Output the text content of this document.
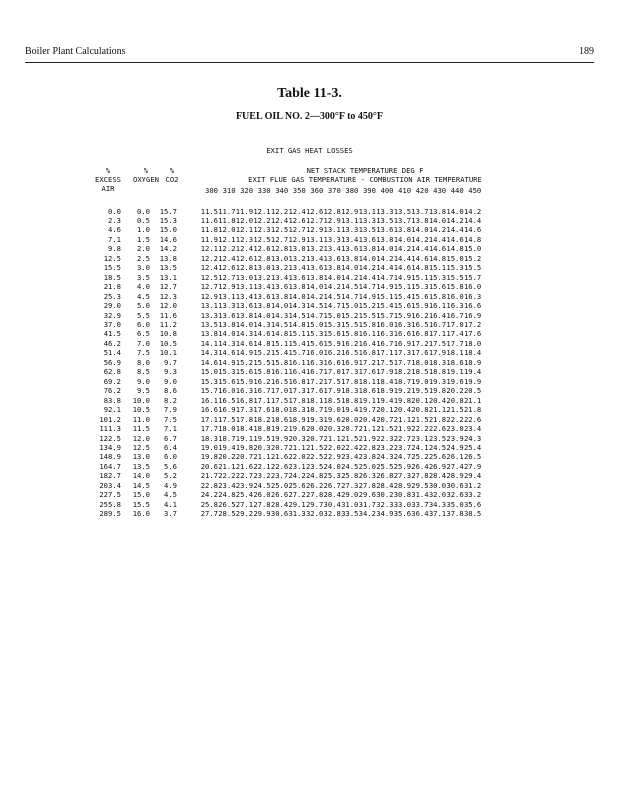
Boiler Plant Calculations	189
Table 11-3.
FUEL OIL NO. 2—300°F to 450°F
EXIT GAS HEAT LOSSES
%
EXCESS
AIR
%
OXYGEN
%
CO2
NET STACK TEMPERATURE DEG F
EXIT FLUE GAS TEMPERATURE - COMBUSTION AIR TEMPERATURE
300 310 320 330 340 350 360 370 380 390 400 410 420 430 440 450
0.0	0.0	15.7	11.5 11.7 11.9 12.1 12.2 12.4 12.6 12.8 12.9 13.1 13.3 13.5 13.7 13.8 14.0 14.2
2.3	0.5	15.3	11.6 11.8 12.0 12.2 12.4 12.6 12.7 12.9 13.1 13.3 13.5 13.7 13.8 14.0 14.2 14.4
4.6	1.0	15.0	11.8 12.0 12.1 12.3 12.5 12.7 12.9 13.1 13.3 13.5 13.6 13.8 14.0 14.2 14.4 14.6
7.1	1.5	14.6	11.9 12.1 12.3 12.5 12.7 12.9 13.1 13.3 13.4 13.6 13.8 14.0 14.2 14.4 14.6 14.8
9.8	2.0	14.2	12.1 12.2 12.4 12.6 12.8 13.0 13.2 13.4 13.6 13.8 14.0 14.2 14.4 14.6 14.8 15.0
12.5	2.5	13.8	12.2 12.4 12.6 12.8 13.0 13.2 13.4 13.6 13.8 14.0 14.2 14.4 14.6 14.8 15.0 15.2
15.5	3.0	13.5	12.4 12.6 12.8 13.0 13.2 13.4 13.6 13.8 14.0 14.2 14.4 14.6 14.8 15.1 15.3 15.5
18.5	3.5	13.1	12.5 12.7 13.0 13.2 13.4 13.6 13.8 14.0 14.2 14.4 14.7 14.9 15.1 15.3 15.5 15.7
21.8	4.0	12.7	12.7 12.9 13.1 13.4 13.6 13.8 14.0 14.2 14.5 14.7 14.9 15.1 15.3 15.6 15.8 16.0
25.3	4.5	12.3	12.9 13.1 13.4 13.6 13.8 14.0 14.2 14.5 14.7 14.9 15.1 15.4 15.6 15.8 16.0 16.3
29.0	5.0	12.0	13.1 13.3 13.6 13.8 14.0 14.3 14.5 14.7 15.0 15.2 15.4 15.6 15.9 16.1 16.3 16.6
32.9	5.5	11.6	13.3 13.6 13.8 14.0 14.3 14.5 14.7 15.0 15.2 15.5 15.7 15.9 16.2 16.4 16.7 16.9
37.0	6.0	11.2	13.5 13.8 14.0 14.3 14.5 14.8 15.0 15.3 15.5 15.8 16.0 16.3 16.5 16.7 17.0 17.2
41.5	6.5	10.8	13.8 14.0 14.3 14.6 14.8 15.1 15.3 15.6 15.8 16.1 16.3 16.6 16.8 17.1 17.4 17.6
46.2	7.0	10.5	14.1 14.3 14.6 14.8 15.1 15.4 15.6 15.9 16.2 16.4 16.7 16.9 17.2 17.5 17.7 18.0
51.4	7.5	10.1	14.3 14.6 14.9 15.2 15.4 15.7 16.0 16.2 16.5 16.8 17.1 17.3 17.6 17.9 18.1 18.4
56.9	8.0	9.7	14.6 14.9 15.2 15.5 15.8 16.1 16.3 16.6 16.9 17.2 17.5 17.7 18.0 18.3 18.6 18.9
62.8	8.5	9.3	15.0 15.3 15.6 15.8 16.1 16.4 16.7 17.0 17.3 17.6 17.9 18.2 18.5 18.8 19.1 19.4
69.2	9.0	9.0	15.3 15.6 15.9 16.2 16.5 16.8 17.2 17.5 17.8 18.1 18.4 18.7 19.0 19.3 19.6 19.9
76.2	9.5	8.6	15.7 16.0 16.3 16.7 17.0 17.3 17.6 17.9 18.3 18.6 18.9 19.2 19.5 19.8 20.2 20.5
83.8	10.0	8.2	16.1 16.5 16.8 17.1 17.5 17.8 18.1 18.5 18.8 19.1 19.4 19.8 20.1 20.4 20.8 21.1
92.1	10.5	7.9	16.6 16.9 17.3 17.6 18.0 18.3 18.7 19.0 19.4 19.7 20.1 20.4 20.8 21.1 21.5 21.8
101.2	11.0	7.5	17.1 17.5 17.8 18.2 18.6 18.9 19.3 19.6 20.0 20.4 20.7 21.1 21.5 21.8 22.2 22.6
111.3	11.5	7.1	17.7 18.0 18.4 18.8 19.2 19.6 20.0 20.3 20.7 21.1 21.5 21.9 22.2 22.6 23.0 23.4
122.5	12.0	6.7	18.3 18.7 19.1 19.5 19.9 20.3 20.7 21.1 21.5 21.9 22.3 22.7 23.1 23.5 23.9 24.3
134.9	12.5	6.4	19.0 19.4 19.8 20.3 20.7 21.1 21.5 22.0 22.4 22.8 23.2 23.7 24.1 24.5 24.9 25.4
148.9	13.0	6.0	19.8 20.2 20.7 21.1 21.6 22.0 22.5 22.9 23.4 23.8 24.3 24.7 25.2 25.6 26.1 26.5
164.7	13.5	5.6	20.6 21.1 21.6 22.1 22.6 23.1 23.5 24.0 24.5 25.0 25.5 25.9 26.4 26.9 27.4 27.9
182.7	14.0	5.2	21.7 22.2 22.7 23.2 23.7 24.2 24.8 25.3 25.8 26.3 26.8 27.3 27.8 28.4 28.9 29.4
203.4	14.5	4.9	22.8 23.4 23.9 24.5 25.0 25.6 26.2 26.7 27.3 27.8 28.4 28.9 29.5 30.0 30.6 31.2
227.5	15.0	4.5	24.2 24.8 25.4 26.0 26.6 27.2 27.8 28.4 29.0 29.6 30.2 30.8 31.4 32.0 32.6 33.2
255.8	15.5	4.1	25.8 26.5 27.1 27.8 28.4 29.1 29.7 30.4 31.0 31.7 32.3 33.0 33.7 34.3 35.0 35.6
289.5	16.0	3.7	27.7 28.5 29.2 29.9 30.6 31.3 32.0 32.8 33.5 34.2 34.9 35.6 36.4 37.1 37.8 38.5
